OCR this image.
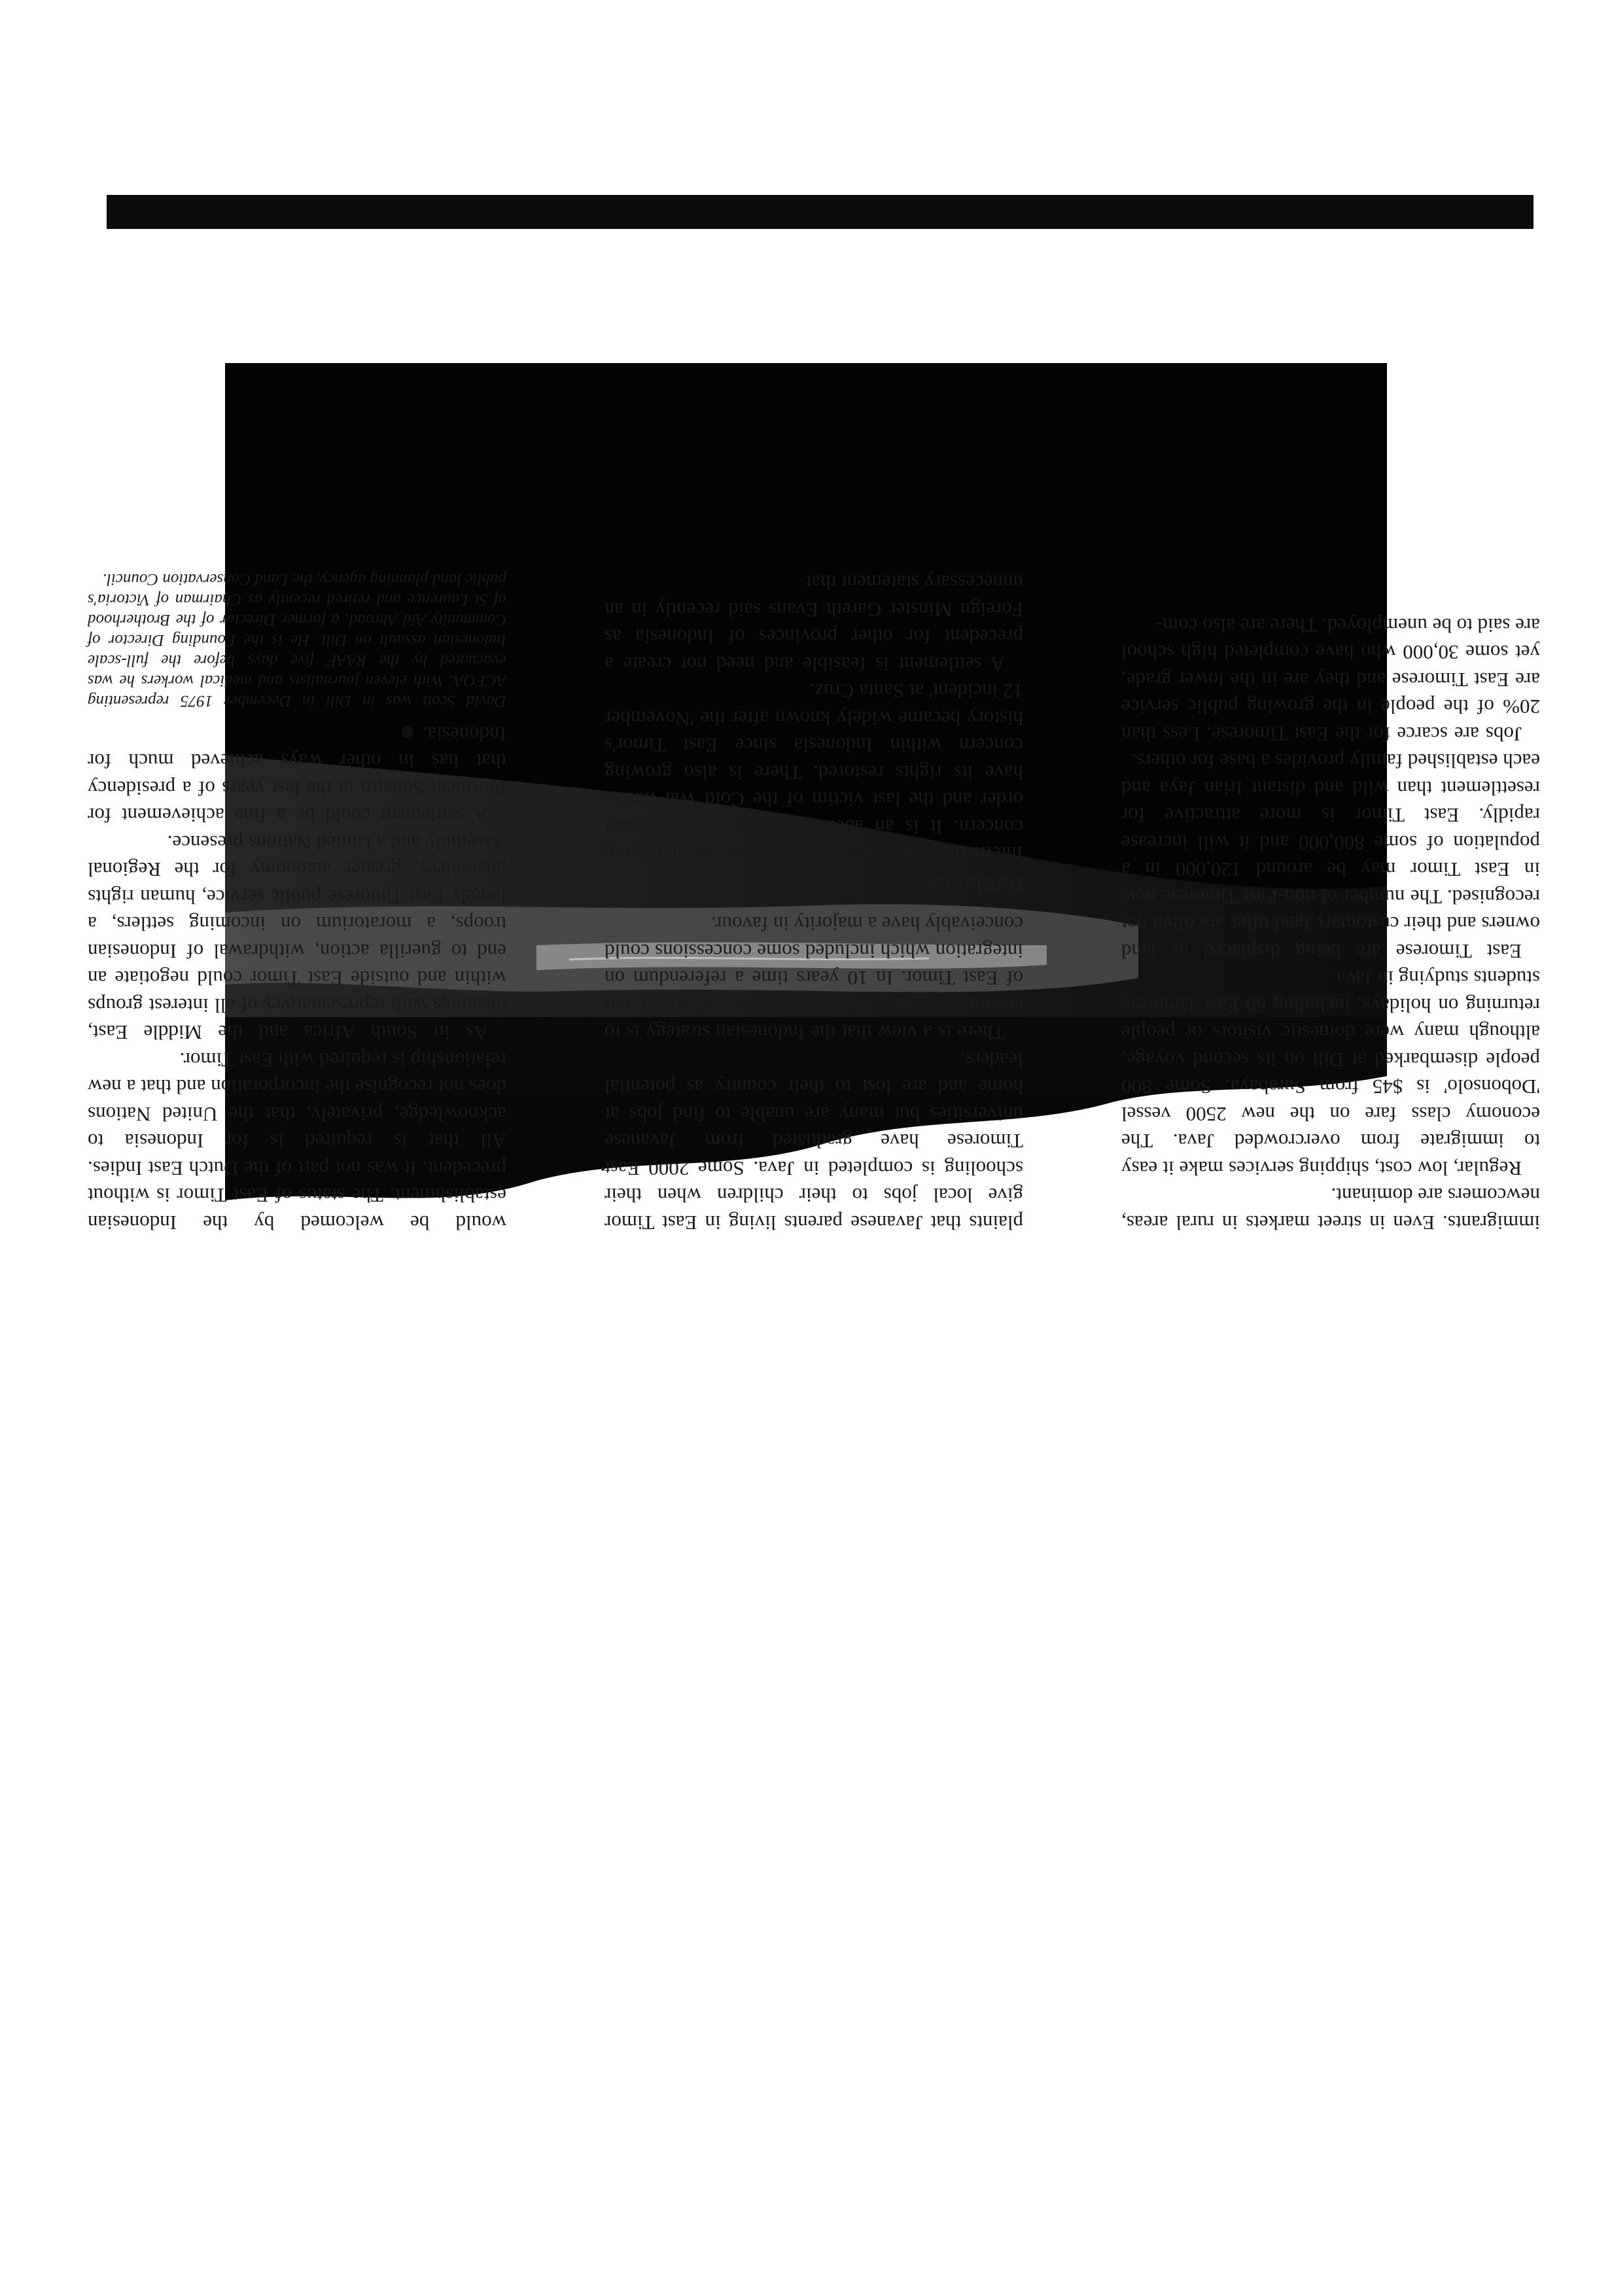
immigrants. Even in street markets in rural areas, newcomers are dominant.

Regular, low cost, shipping services make it easy to immigrate from overcrowded Java. The economy class fare on the new 2500 vessel 'Dobonsolo' is $45 from Surabaya. Some 800 people disembarked at Dili on its second voyage, although many were domestic visitors or people returning on holidays, including 60 East Timorese students studying in Java.

East Timorese are being displaced as land owners and their customary land titles are often not recognised. The number of non-East Timorese now in East Timor may be around 120,000 in a population of some 800,000 and it will increase rapidly. East Timor is more attractive for resettlement than wild and distant Irian Jaya and each established family provides a base for others.

Jobs are scarce for the East Timorese. Less than 20% of the people in the growing public service are East Timorese and they are in the lower grade, yet some 30,000 who have completed high school are said to be unemployed. There are also com-

plaints that Javanese parents living in East Timor give local jobs to their children when their schooling is completed in Java. Some 2000 East Timorese have graduated from Javanese universities but many are unable to find jobs at home and are lost to their country as potential leaders.

There is a view that the Indonesian strategy is to encourage more settlers in, and East Timorese out of East Timor. In 10 years time a referendum on integration which included some concessions could conceivably have a majority in favour.

Settlement

Internationally, East Timor is a matter of increasing concern. It is an aberration in the international order and the last victim of the Cold War not to have its rights restored. There is also growing concern within Indonesia since East Timor's history became widely known after the 'November 12 incident' at Santa Cruz.

A settlement is feasible and need not create a precedent for other provinces of Indonesia as Foreign Minster Gareth Evans said recently in an unnecessary statement that

would be welcomed by the Indonesian establishment. The status of East Timor is without precedent. It was not part of the Dutch East Indies. All that is required is for Indonesia to acknowledge, privately, that the United Nations does not recognise the incorporation and that a new relationship is required with East Timor.

As in South Africa and the Middle East, meetings with representatives of all interest groups within and outside East Timor could negotiate an end to guerilla action, withdrawal of Indonesian troops, a moratorium on incoming settlers, a largely East Timorese public service, human rights guarantees, greater autonomy for the Regional Assembly and a United Nations presence.

A settlement could be a fine achievement for President Suharto in the last years of a presidency that has in other ways achieved much for Indonesia.

David Scott was in Dili in December 1975 representing ACFOA. With eleven journalists and medical workers he was evacuated by the RAAF five days before the full-scale Indonesian assault on Dili. He is the Founding Director of Community Aid Abroad, a former Director of the Brotherhood of St Laurence and retired recently as Chairman of Victoria's public land planning agency, the Land Conservation Council.
